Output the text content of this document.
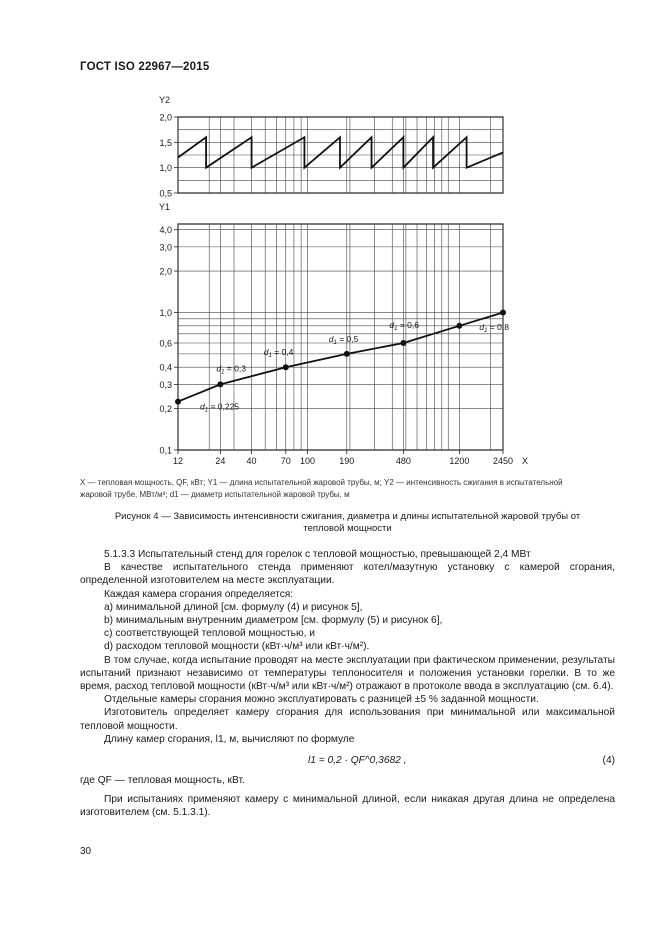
ГОСТ ISO 22967—2015
0,5
1,0
1,5
2,0
Y2
0,1
0,2
0,3
0,4
0,6
1,0
2,0
3,0
4,0
Y1
12	24 40	70 100	190	480	1200	2450 X
$d_1 = 0,225$
$d_1 = 0,3$
$d_1 = 0,4$
$d_1 = 0,5$
$d_1 = 0,6$	$d_1 = 0,8$
X — тепловая мощность, QF, кВт; Y1 — длина испытательной жаровой трубы, м; Y2 — интенсивность сжигания в испытательной
жаровой трубе, МВт/м³; d1 — диаметр испытательной жаровой трубы, м
Рисунок 4 — Зависимость интенсивности сжигания, диаметра и длины испытательной жаровой трубы от
тепловой мощности

5.1.3.3 Испытательный стенд для горелок с тепловой мощностью, превышающей 2,4 МВт

В качестве испытательного стенда применяют котел/мазутную установку с камерой сгорания, определенной изготовителем на месте эксплуатации.

Каждая камера сгорания определяется:

a) минимальной длиной [см. формулу (4) и рисунок 5],

b) минимальным внутренним диаметром [см. формулу (5) и рисунок 6],

c) соответствующей тепловой мощностью, и

d) расходом тепловой мощности (кВт·ч/м³ или кВт·ч/м²).

В том случае, когда испытание проводят на месте эксплуатации при фактическом применении, результаты испытаний признают независимо от температуры теплоносителя и положения установки горелки. В то же время, расход тепловой мощности (кВт·ч/м³ или кВт·ч/м²) отражают в протоколе ввода в эксплуатацию (см. 6.4).

Отдельные камеры сгорания можно эксплуатировать с разницей ±5 % заданной мощности.

Изготовитель определяет камеру сгорания для использования при минимальной или максимальной тепловой мощности.

Длину камер сгорания, l1, м, вычисляют по формуле

l1 = 0,2 · QF^0,3682 ,	(4)

где QF — тепловая мощность, кВт.

При испытаниях применяют камеру с минимальной длиной, если никакая другая длина не определена изготовителем (см. 5.1.3.1).

30
